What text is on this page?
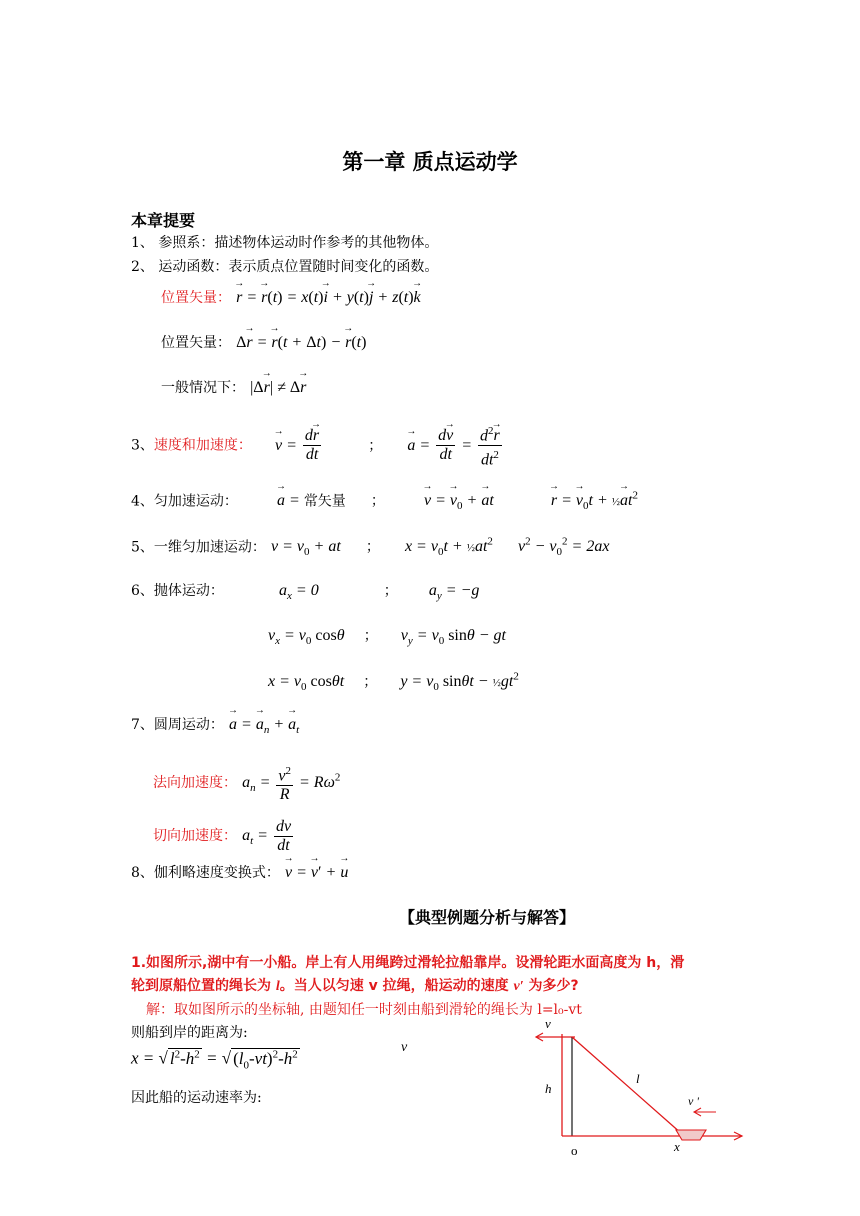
第一章 质点运动学
本章提要
1、 参照系：描述物体运动时作参考的其他物体。
2、 运动函数：表示质点位置随时间变化的函数。
位置矢量： → r = → r(t) = x(t)→ i + y(t)→ j + z(t)→ k
位置矢量： Δ→ r = → r(t + Δt) − → r(t)
一般情况下： |Δ→ r| ≠ Δ→ r
3、速度和加速度： → $v = \frac{d\to r}{dt}$	； → $a = \frac{d\to v}{dt} = \frac{d^2\to r}{dt^2}$
4、匀加速运动： → a = 常矢量 ； → v = → $v_0$ + → at	→ r = → $v_0t$ + ½→ $at^2$
5、一维匀加速运动： $v = v_0$ + at ； $x = v_0t$ + $\frac{1}{2}at^2$ $v^2 - v_0^2 = 2ax$
6、抛体运动：	$a_x = 0$	； $a_y = -g$
$v_x = v_0$ cosθ ； $v_y = v_0$ sinθ − gt
$x = v_0$ cosθt ； $y = v_0$ $\sin\theta t - \frac{1}{2}gt^2$
7、圆周运动： → a = → $a_n$ + → $a_t$
法向加速度： $a_n = \frac{v^2}{R} = R\omega^2$
切向加速度： $a_t = \frac{dv}{dt}$
8、伽利略速度变换式： → v = → v′ + → u
【典型例题分析与解答】
1.如图所示,湖中有一小船。岸上有人用绳跨过滑轮拉船靠岸。设滑轮距水面高度为 h，滑
轮到原船位置的绳长为 l。当人以匀速 v 拉绳，船运动的速度 v′ 为多少?
解：取如图所示的坐标轴, 由题知任一时刻由船到滑轮的绳长为 l=l₀-vt
则船到岸的距离为:
x = √ $l^2-h^2$ = √ $(l_0-vt)^2-h^2$	v
因此船的运动速率为:
v
h
l
v '
o	x
